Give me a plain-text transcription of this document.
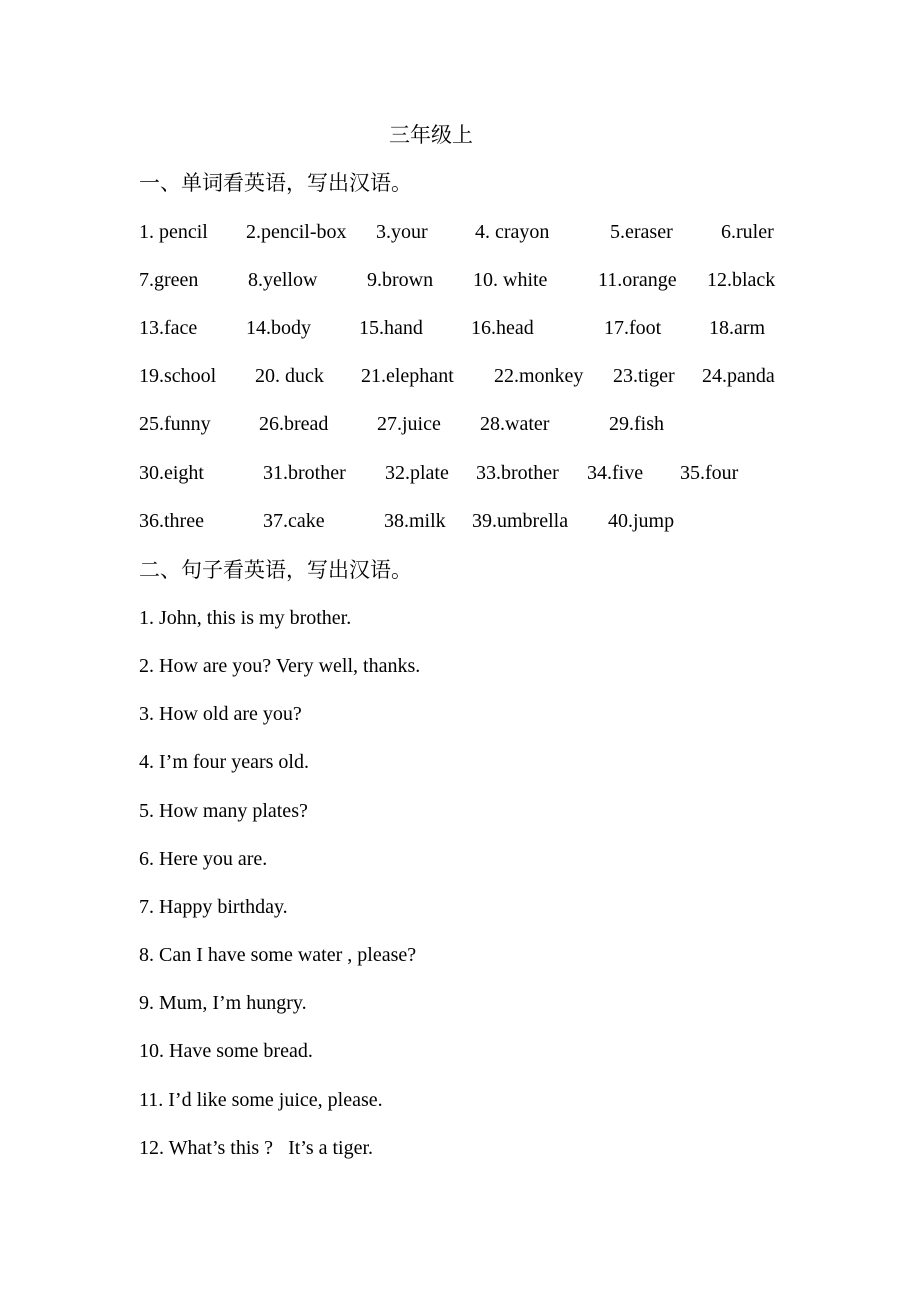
三年级上
一、单词看英语，写出汉语。
1. pencil 2.pencil-box 3.your 4. crayon	5.eraser 6.ruler
7.green 8.yellow 9.brown 10. white	11.orange 12.black
13.face 14.body 15.hand 16.head	17.foot 18.arm
19.school 20. duck 21.elephant 22.monkey 23.tiger 24.panda
25.funny 26.bread 27.juice 28.water	29.fish
30.eight	31.brother 32.plate 33.brother 34.five 35.four
36.three	37.cake	38.milk 39.umbrella 40.jump
二、句子看英语，写出汉语。
1. John, this is my brother.
2. How are you? Very well, thanks.
3. How old are you?
4. I’m four years old.
5. How many plates?
6. Here you are.
7. Happy birthday.
8. Can I have some water , please?
9. Mum, I’m hungry.
10. Have some bread.
11. I’d like some juice, please.
12. What’s this ?   It’s a tiger.
